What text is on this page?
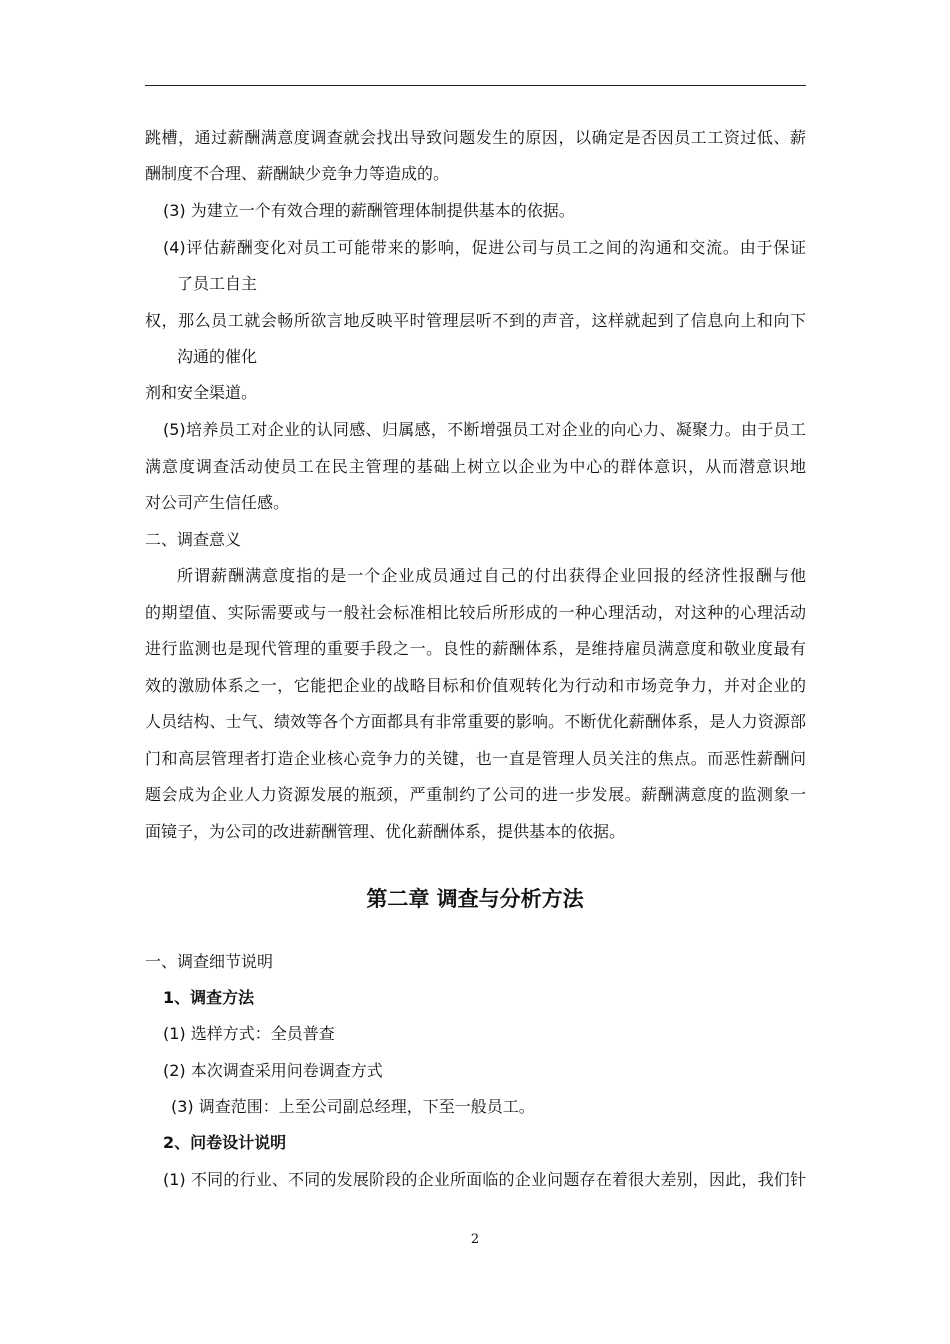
跳槽，通过薪酬满意度调查就会找出导致问题发生的原因，以确定是否因员工工资过低、薪

酬制度不合理、薪酬缺少竞争力等造成的。

(3) 为建立一个有效合理的薪酬管理体制提供基本的依据。

(4)评估薪酬变化对员工可能带来的影响，促进公司与员工之间的沟通和交流。由于保证

了员工自主

权，那么员工就会畅所欲言地反映平时管理层听不到的声音，这样就起到了信息向上和向下

沟通的催化

剂和安全渠道。

(5)培养员工对企业的认同感、归属感，不断增强员工对企业的向心力、凝聚力。由于员工

满意度调查活动使员工在民主管理的基础上树立以企业为中心的群体意识，从而潜意识地

对公司产生信任感。

二、调查意义

所谓薪酬满意度指的是一个企业成员通过自己的付出获得企业回报的经济性报酬与他

的期望值、实际需要或与一般社会标准相比较后所形成的一种心理活动，对这种的心理活动

进行监测也是现代管理的重要手段之一。良性的薪酬体系，是维持雇员满意度和敬业度最有

效的激励体系之一，它能把企业的战略目标和价值观转化为行动和市场竞争力，并对企业的

人员结构、士气、绩效等各个方面都具有非常重要的影响。不断优化薪酬体系，是人力资源部

门和高层管理者打造企业核心竞争力的关键，也一直是管理人员关注的焦点。而恶性薪酬问

题会成为企业人力资源发展的瓶颈，严重制约了公司的进一步发展。薪酬满意度的监测象一

面镜子，为公司的改进薪酬管理、优化薪酬体系，提供基本的依据。

第二章 调查与分析方法

一、调查细节说明

1、调查方法

(1) 选样方式：全员普查

(2) 本次调查采用问卷调查方式

(3) 调查范围：上至公司副总经理，下至一般员工。

2、问卷设计说明

(1) 不同的行业、不同的发展阶段的企业所面临的企业问题存在着很大差别，因此，我们针

2
